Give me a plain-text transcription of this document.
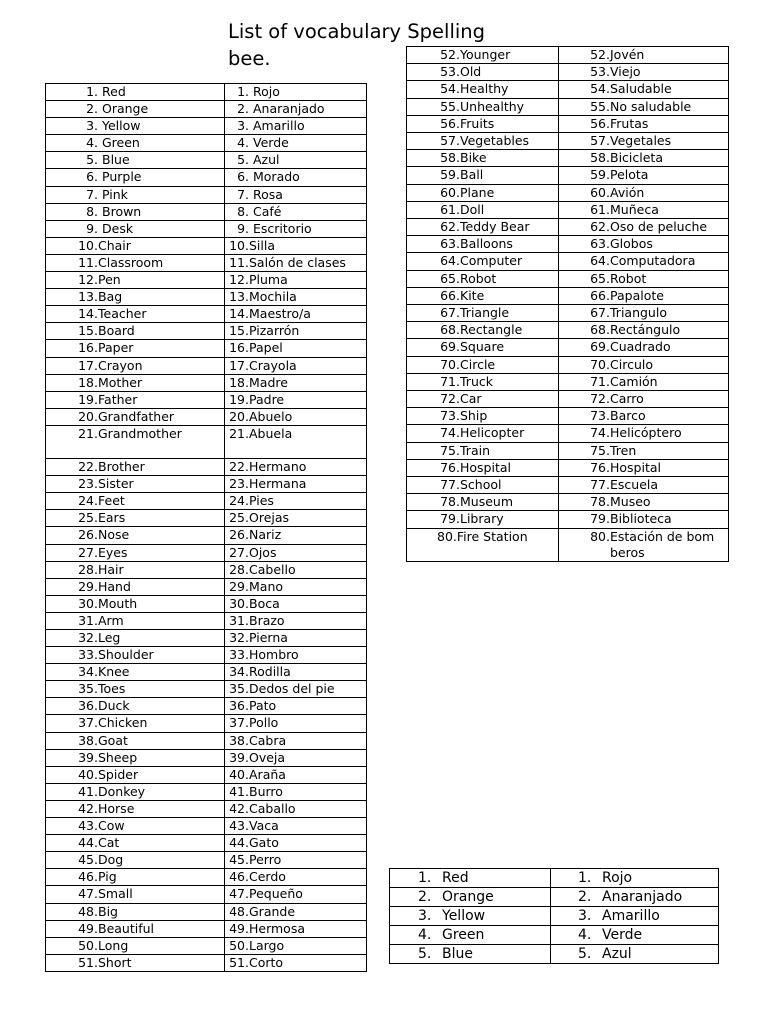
List of vocabulary Spelling bee.
1. Red	1. Rojo

2. Orange	2. Anaranjado

3. Yellow	3. Amarillo

4. Green	4. Verde

5. Blue	5. Azul

6. Purple	6. Morado

7. Pink	7. Rosa

8. Brown	8. Café

9. Desk	9. Escritorio

10. Chair	10. Silla

11. Classroom	11. Salón de clases

12. Pen	12. Pluma

13. Bag	13. Mochila

14. Teacher	14. Maestro/a

15. Board	15. Pizarrón

16. Paper	16. Papel

17. Crayon	17. Crayola

18. Mother	18. Madre

19. Father	19. Padre

20. Grandfather	20. Abuelo

21. Grandmother	21. Abuela

22. Brother	22. Hermano

23. Sister	23. Hermana

24. Feet	24. Pies

25. Ears	25. Orejas

26. Nose	26. Nariz

27. Eyes	27. Ojos

28. Hair	28. Cabello

29. Hand	29. Mano

30. Mouth	30. Boca

31. Arm	31. Brazo

32. Leg	32. Pierna

33. Shoulder	33. Hombro

34. Knee	34. Rodilla

35. Toes	35. Dedos del pie

36. Duck	36. Pato

37. Chicken	37. Pollo

38. Goat	38. Cabra

39. Sheep	39. Oveja

40. Spider	40. Araña

41. Donkey	41. Burro

42. Horse	42. Caballo

43. Cow	43. Vaca

44. Cat	44. Gato

45. Dog	45. Perro

46. Pig	46. Cerdo

47. Small	47. Pequeño

48. Big	48. Grande

49. Beautiful	49. Hermosa

50. Long	50. Largo

51. Short	51. Corto
52. Younger	52. Jovén

53. Old	53. Viejo

54. Healthy	54. Saludable

55. Unhealthy	55. No saludable

56. Fruits	56. Frutas

57. Vegetables	57. Vegetales

58. Bike	58. Bicicleta

59. Ball	59. Pelota

60. Plane	60. Avión

61. Doll	61. Muñeca

62. Teddy Bear	62. Oso de peluche

63. Balloons	63. Globos

64. Computer	64. Computadora

65. Robot	65. Robot

66. Kite	66. Papalote

67. Triangle	67. Triangulo

68. Rectangle	68. Rectángulo

69. Square	69. Cuadrado

70. Circle	70. Circulo

71. Truck	71. Camión

72. Car	72. Carro

73. Ship	73. Barco

74. Helicopter	74. Helicóptero

75. Train	75. Tren

76. Hospital	76. Hospital

77. School	77. Escuela

78. Museum	78. Museo

79. Library	79. Biblioteca

80. Fire Station	80. Estación de bomberos
1. Red	1. Rojo

2. Orange	2. Anaranjado

3. Yellow	3. Amarillo

4. Green	4. Verde

5. Blue	5. Azul
